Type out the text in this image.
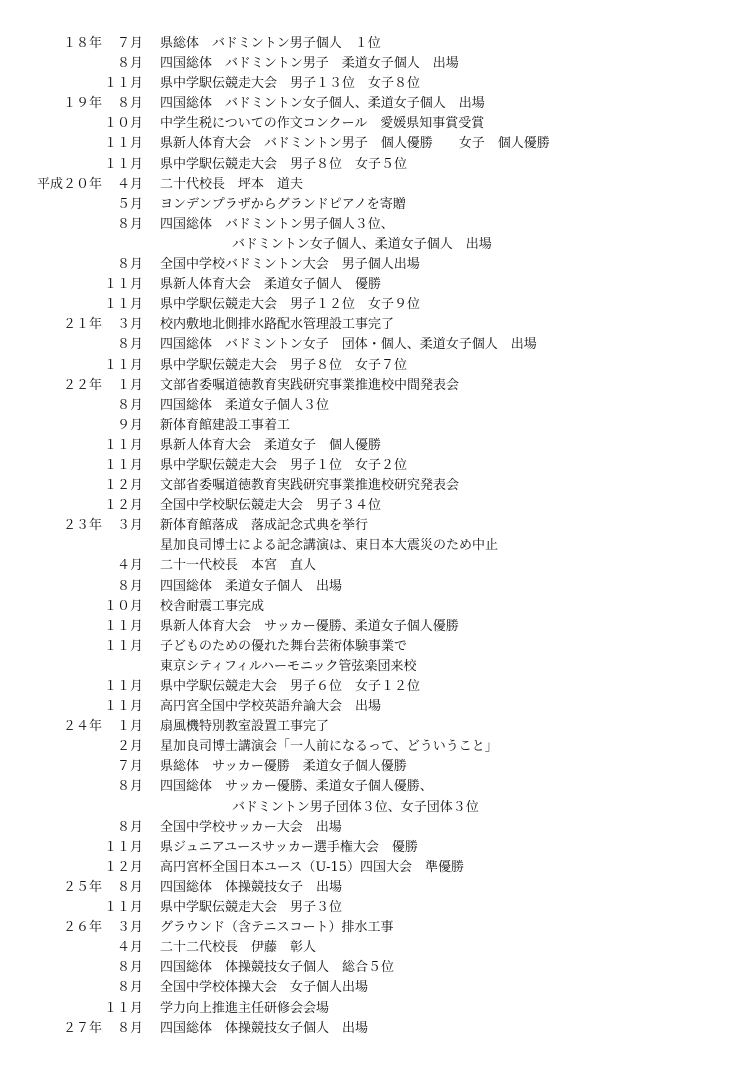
１８年 ７月 県総体　バドミントン男子個人　１位
８月 四国総体　バドミントン男子　柔道女子個人　出場
１１月 県中学駅伝競走大会　男子１３位　女子８位
１９年 ８月 四国総体　バドミントン女子個人、柔道女子個人　出場
１０月 中学生税についての作文コンクール　愛媛県知事賞受賞
１１月 県新人体育大会　バドミントン男子　個人優勝　　女子　個人優勝
１１月 県中学駅伝競走大会　男子８位　女子５位
平成２０年 ４月 二十代校長　坪本　道夫
５月 ヨンデンプラザからグランドピアノを寄贈
８月 四国総体　バドミントン男子個人３位、
バドミントン女子個人、柔道女子個人　出場
８月 全国中学校バドミントン大会　男子個人出場
１１月 県新人体育大会　柔道女子個人　優勝
１１月 県中学駅伝競走大会　男子１２位　女子９位
２１年 ３月 校内敷地北側排水路配水管理設工事完了
８月 四国総体　バドミントン女子　団体・個人、柔道女子個人　出場
１１月 県中学駅伝競走大会　男子８位　女子７位
２２年 １月 文部省委嘱道徳教育実践研究事業推進校中間発表会
８月 四国総体　柔道女子個人３位
９月 新体育館建設工事着工
１１月 県新人体育大会　柔道女子　個人優勝
１１月 県中学駅伝競走大会　男子１位　女子２位
１２月 文部省委嘱道徳教育実践研究事業推進校研究発表会
１２月 全国中学校駅伝競走大会　男子３４位
２３年 ３月 新体育館落成　落成記念式典を挙行
星加良司博士による記念講演は、東日本大震災のため中止
４月 二十一代校長　本宮　直人
８月 四国総体　柔道女子個人　出場
１０月 校舎耐震工事完成
１１月 県新人体育大会　サッカー優勝、柔道女子個人優勝
１１月 子どものための優れた舞台芸術体験事業で
東京シティフィルハーモニック管弦楽団来校
１１月 県中学駅伝競走大会　男子６位　女子１２位
１１月 高円宮全国中学校英語弁論大会　出場
２４年 １月 扇風機特別教室設置工事完了
２月 星加良司博士講演会「一人前になるって、どういうこと」
７月 県総体　サッカー優勝　柔道女子個人優勝
８月 四国総体　サッカー優勝、柔道女子個人優勝、
バドミントン男子団体３位、女子団体３位
８月 全国中学校サッカー大会　出場
１１月 県ジュニアユースサッカー選手権大会　優勝
１２月 高円宮杯全国日本ユース（U-15）四国大会　準優勝
２５年 ８月 四国総体　体操競技女子　出場
１１月 県中学駅伝競走大会　男子３位
２６年 ３月 グラウンド（含テニスコート）排水工事
４月 二十二代校長　伊藤　彰人
８月 四国総体　体操競技女子個人　総合５位
８月 全国中学校体操大会　女子個人出場
１１月 学力向上推進主任研修会会場
２７年 ８月 四国総体　体操競技女子個人　出場
